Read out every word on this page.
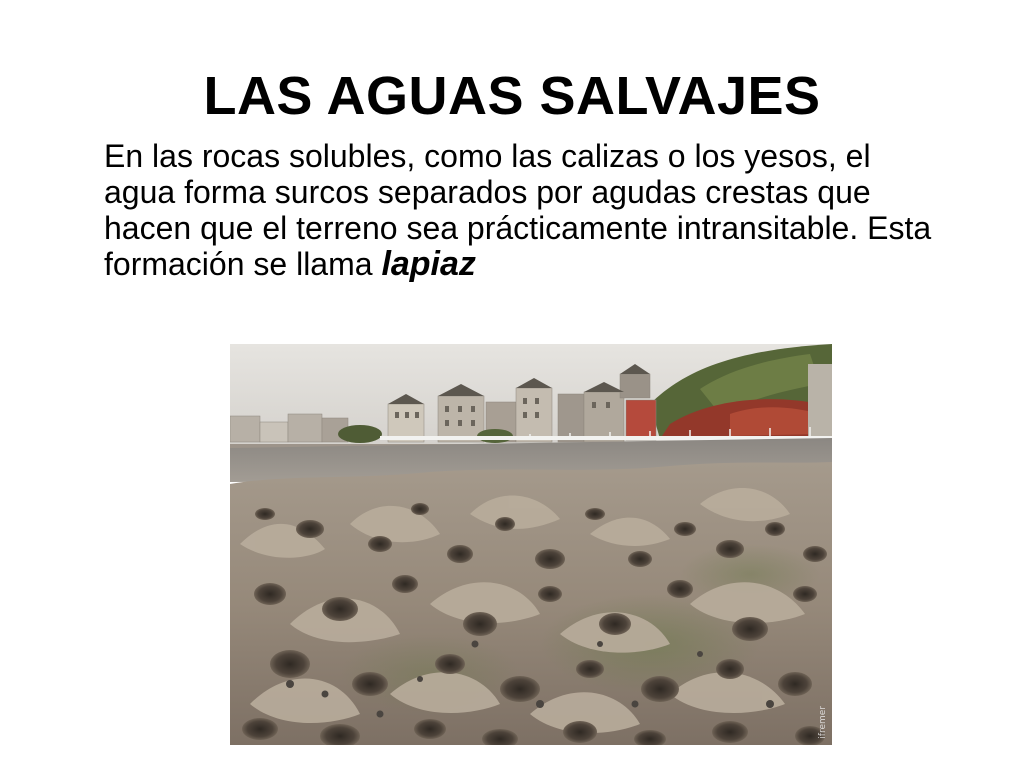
LAS AGUAS SALVAJES

En las rocas solubles, como las calizas o los yesos, el agua forma surcos separados por agudas crestas que hacen que el terreno sea prácticamente intransitable. Esta formación se llama lapiaz

ifremer
